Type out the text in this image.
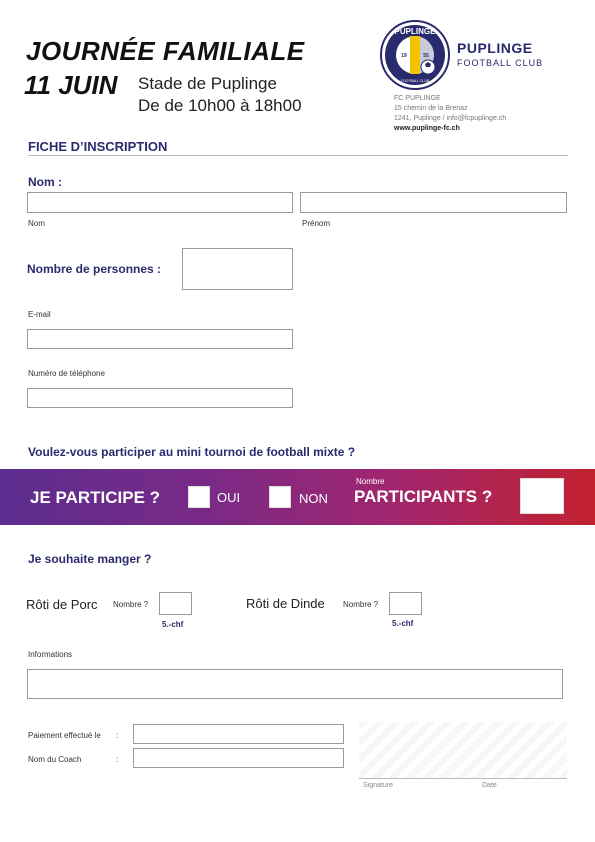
JOURNÉE FAMILIALE
11 JUIN Stade de Puplinge
De de 10h00 à 18h00
PUPLINGE
19	55
FOOTBALL CLUB
PUPLINGE
FOOTBALL CLUB
FC PUPLINGE
15 chemin de la Brenaz
1241, Puplinge / info@fcpuplinge.ch
www.puplinge-fc.ch
FICHE D’INSCRIPTION
Nom :
Nom	Prénom
Nombre de personnes :
E-mail
Numéro de téléphone
Voulez-vous participer au mini tournoi de football mixte ?
JE PARTICIPE ?	OUI	NON
Nombre
PARTICIPANTS ?
Je souhaite manger ?
Rôti de Porc Nombre ?
5.-chf
Rôti de Dinde Nombre ?
5.-chf
Informations
Paiement effectué le :
Nom du Coach	:
Signature	Date
